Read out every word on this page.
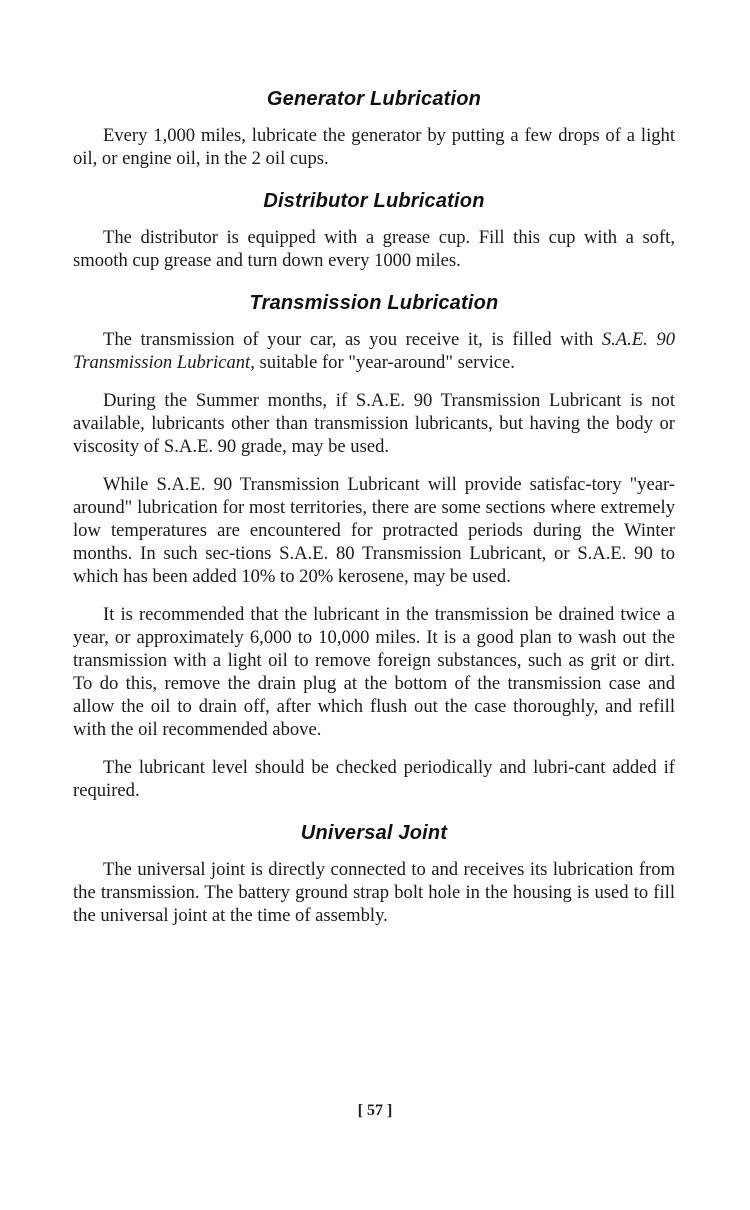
Generator Lubrication

Every 1,000 miles, lubricate the generator by putting a few drops of a light oil, or engine oil, in the 2 oil cups.

Distributor Lubrication

The distributor is equipped with a grease cup. Fill this cup with a soft, smooth cup grease and turn down every 1000 miles.

Transmission Lubrication

The transmission of your car, as you receive it, is filled with S.A.E. 90 Transmission Lubricant, suitable for "year-around" service.

During the Summer months, if S.A.E. 90 Transmission Lubricant is not available, lubricants other than transmission lubricants, but having the body or viscosity of S.A.E. 90 grade, may be used.

While S.A.E. 90 Transmission Lubricant will provide satisfac-tory "year-around" lubrication for most territories, there are some sections where extremely low temperatures are encountered for protracted periods during the Winter months. In such sec-tions S.A.E. 80 Transmission Lubricant, or S.A.E. 90 to which has been added 10% to 20% kerosene, may be used.

It is recommended that the lubricant in the transmission be drained twice a year, or approximately 6,000 to 10,000 miles. It is a good plan to wash out the transmission with a light oil to remove foreign substances, such as grit or dirt. To do this, remove the drain plug at the bottom of the transmission case and allow the oil to drain off, after which flush out the case thoroughly, and refill with the oil recommended above.

The lubricant level should be checked periodically and lubri-cant added if required.

Universal Joint

The universal joint is directly connected to and receives its lubrication from the transmission. The battery ground strap bolt hole in the housing is used to fill the universal joint at the time of assembly.

[ 57 ]
